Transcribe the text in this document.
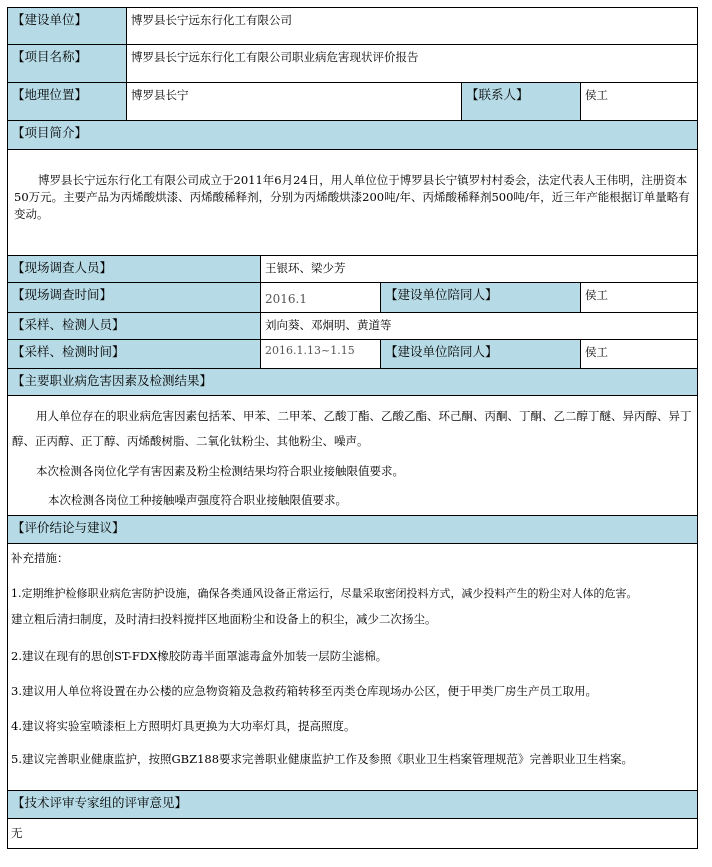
【建设单位】	博罗县长宁远东行化工有限公司
【项目名称】	博罗县长宁远东行化工有限公司职业病危害现状评价报告
【地理位置】	博罗县长宁	【联系人】	侯工
【项目简介】

博罗县长宁远东行化工有限公司成立于2011年6月24日，用人单位位于博罗县长宁镇罗村村委会，法定代表人王伟明，注册资本50万元。主要产品为丙烯酸烘漆、丙烯酸稀释剂，分别为丙烯酸烘漆200吨/年、丙烯酸稀释剂500吨/年，近三年产能根据订单量略有变动。

【现场调查人员】	王银环、梁少芳
【现场调查时间】	2016.1	【建设单位陪同人】	侯工
【采样、检测人员】	刘向葵、邓炯明、黄道等
【采样、检测时间】	2016.1.13~1.15	【建设单位陪同人】	侯工
【主要职业病危害因素及检测结果】

用人单位存在的职业病危害因素包括苯、甲苯、二甲苯、乙酸丁酯、乙酸乙酯、环己酮、丙酮、丁酮、乙二醇丁醚、异丙醇、异丁醇、正丙醇、正丁醇、丙烯酸树脂、二氧化钛粉尘、其他粉尘、噪声。

本次检测各岗位化学有害因素及粉尘检测结果均符合职业接触限值要求。

本次检测各岗位工种接触噪声强度符合职业接触限值要求。

【评价结论与建议】

补充措施：

1.定期维护检修职业病危害防护设施，确保各类通风设备正常运行，尽量采取密闭投料方式，减少投料产生的粉尘对人体的危害。

建立粗后清扫制度，及时清扫投料搅拌区地面粉尘和设备上的积尘，减少二次扬尘。

2.建议在现有的思创ST-FDX橡胶防毒半面罩滤毒盒外加装一层防尘滤棉。

3.建议用人单位将设置在办公楼的应急物资箱及急救药箱转移至丙类仓库现场办公区，便于甲类厂房生产员工取用。

4.建议将实验室喷漆柜上方照明灯具更换为大功率灯具，提高照度。

5.建议完善职业健康监护，按照GBZ188要求完善职业健康监护工作及参照《职业卫生档案管理规范》完善职业卫生档案。

【技术评审专家组的评审意见】

无
